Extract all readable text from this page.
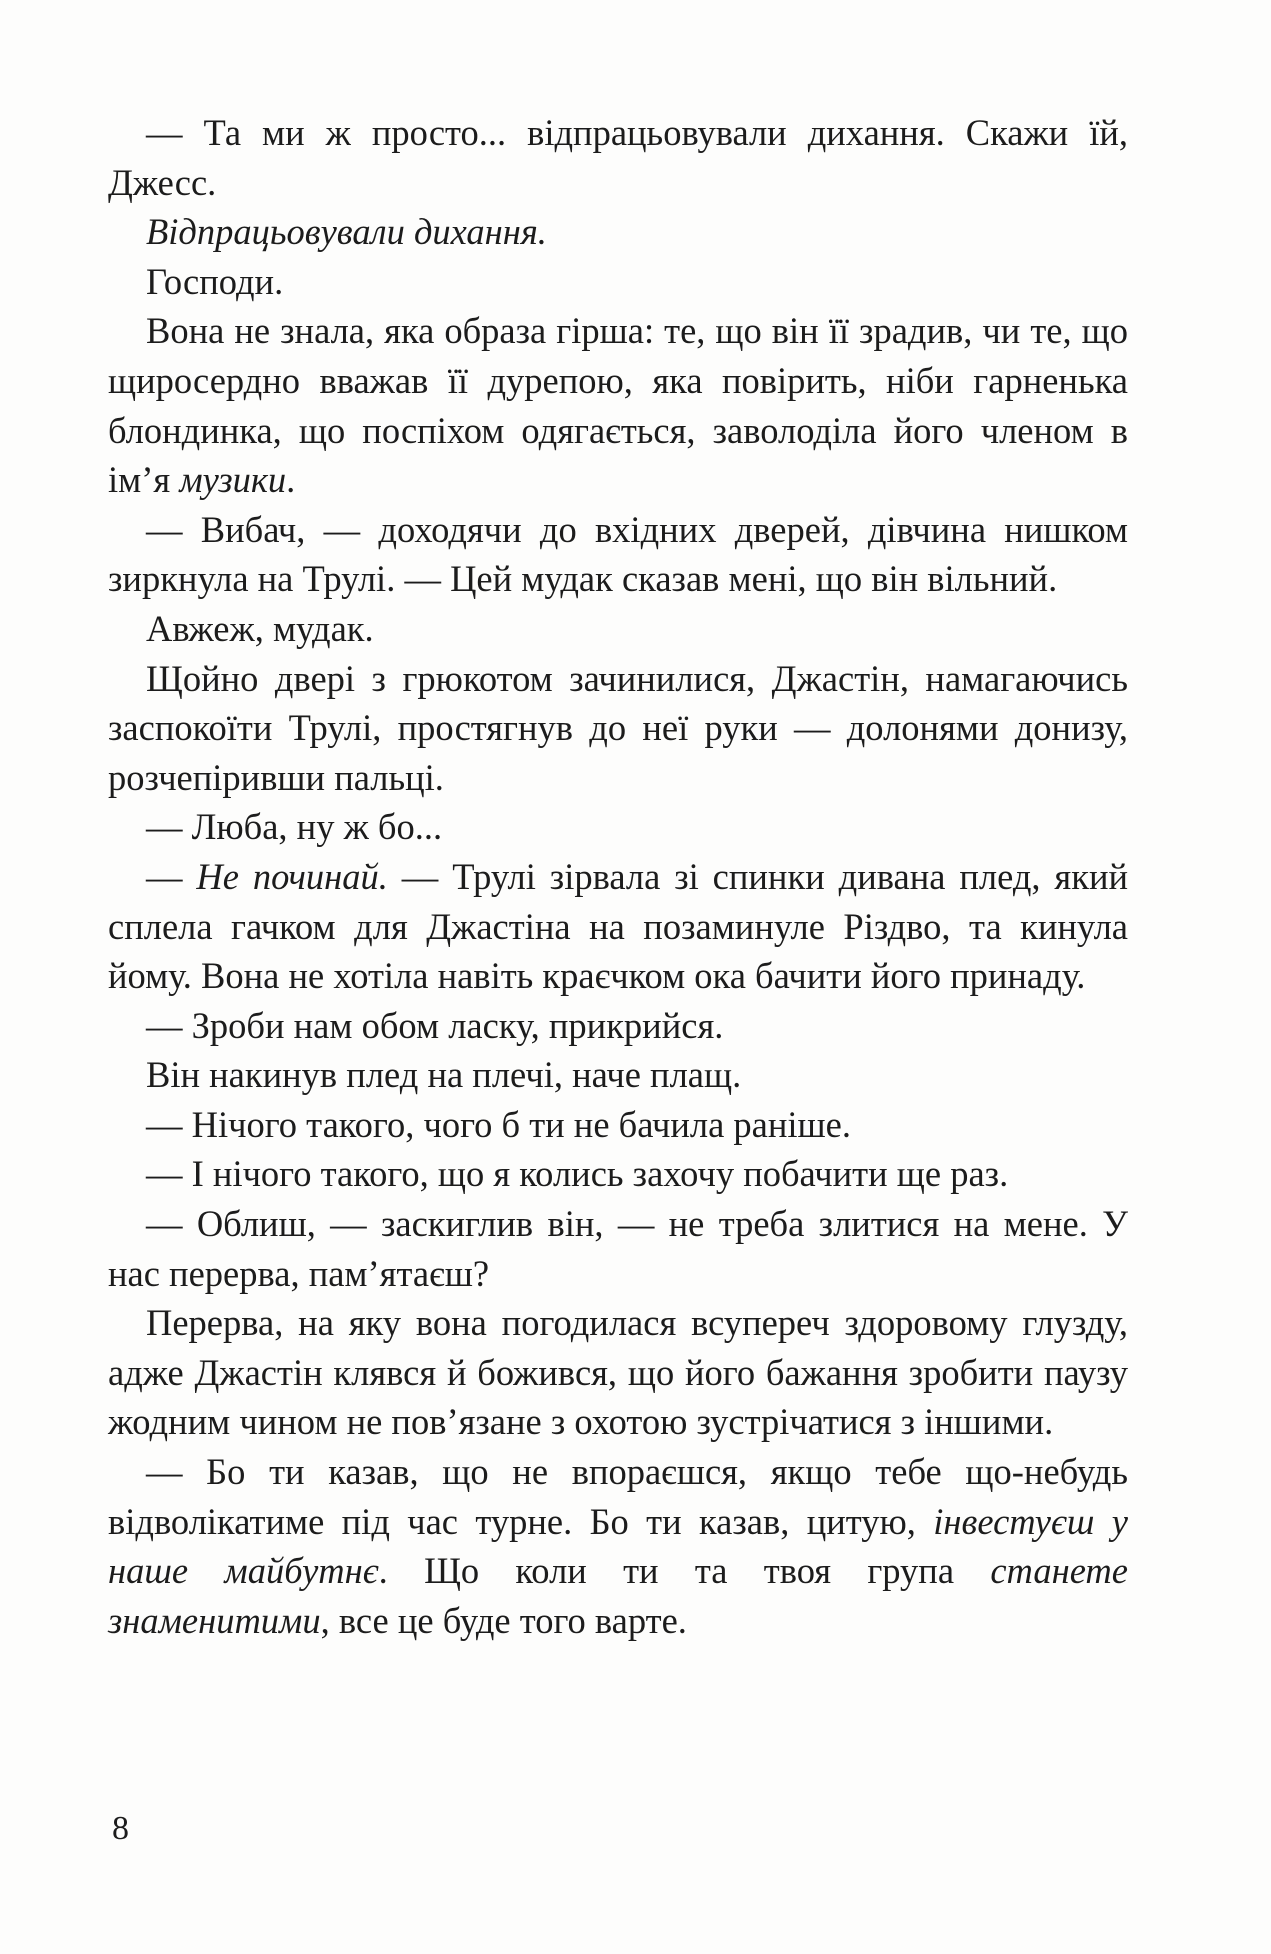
— Та ми ж просто... відпрацьовували дихання. Скажи їй, Джесс.

Відпрацьовували дихання.

Господи.

Вона не знала, яка образа гірша: те, що він її зрадив, чи те, що щиросердно вважав її дурепою, яка повірить, ніби гарненька блондинка, що поспіхом одягається, заволоділа його членом в ім’я музики.

— Вибач, — доходячи до вхідних дверей, дівчина нишком зиркнула на Трулі. — Цей мудак сказав мені, що він вільний.

Авжеж, мудак.

Щойно двері з грюкотом зачинилися, Джастін, намагаючись заспокоїти Трулі, простягнув до неї руки — долонями донизу, розчепіривши пальці.

— Люба, ну ж бо...

— Не починай. — Трулі зірвала зі спинки дивана плед, який сплела гачком для Джастіна на позаминуле Різдво, та кинула йому. Вона не хотіла навіть краєчком ока бачити його принаду.

— Зроби нам обом ласку, прикрийся.

Він накинув плед на плечі, наче плащ.

— Нічого такого, чого б ти не бачила раніше.

— І нічого такого, що я колись захочу побачити ще раз.

— Облиш, — заскиглив він, — не треба злитися на мене. У нас перерва, пам’ятаєш?

Перерва, на яку вона погодилася всупереч здоровому глузду, адже Джастін клявся й божився, що його бажання зробити паузу жодним чином не пов’язане з охотою зустрічатися з іншими.

— Бо ти казав, що не впораєшся, якщо тебе що-небудь відволікатиме під час турне. Бо ти казав, цитую, інвестуєш у наше майбутнє. Що коли ти та твоя група станете знаменитими, все це буде того варте.

8
